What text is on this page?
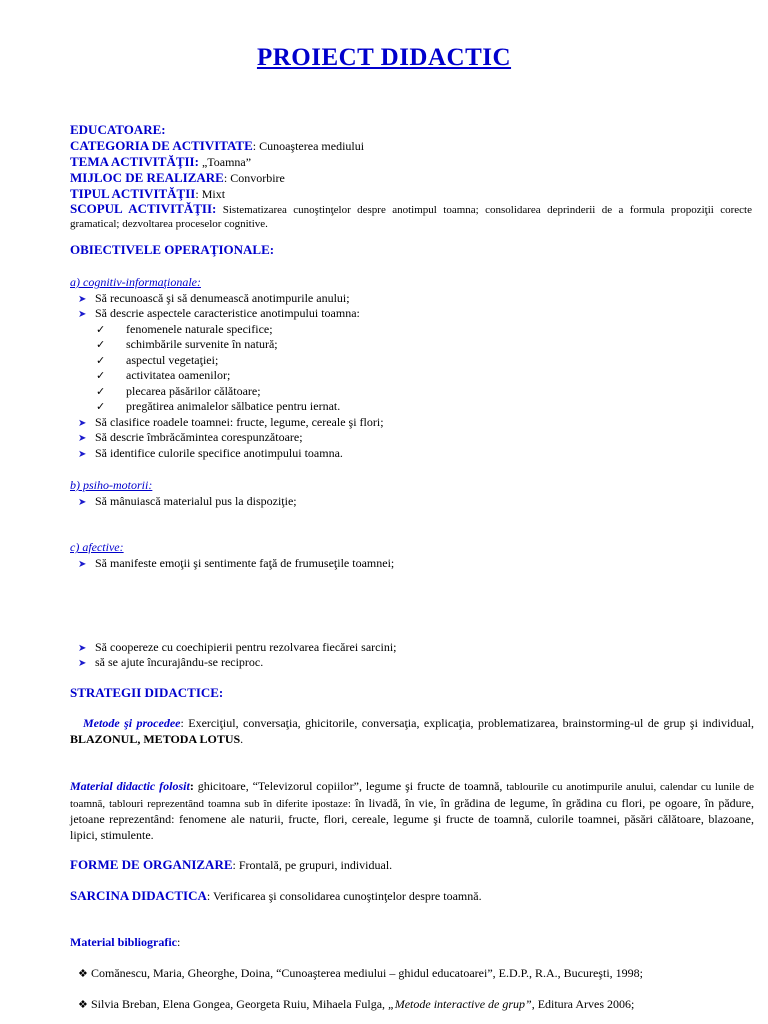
PROIECT DIDACTIC
EDUCATOARE:
CATEGORIA DE ACTIVITATE: Cunoaşterea mediului
TEMA ACTIVITĂŢII: „Toamna”
MIJLOC DE REALIZARE: Convorbire
TIPUL ACTIVITĂŢII: Mixt
SCOPUL ACTIVITĂŢII: Sistematizarea cunoştinţelor despre anotimpul toamna; consolidarea deprinderii de a formula propoziţii corecte gramatical; dezvoltarea proceselor cognitive.
OBIECTIVELE OPERAŢIONALE:
a) cognitiv-informaţionale:
➤ Să recunoască şi să denumească anotimpurile anului;
➤ Să descrie aspectele caracteristice anotimpului toamna:
✓ fenomenele naturale specifice;
✓ schimbările survenite în natură;
✓ aspectul vegetaţiei;
✓ activitatea oamenilor;
✓ plecarea păsărilor călătoare;
✓ pregătirea animalelor sălbatice pentru iernat.
➤ Să clasifice roadele toamnei: fructe, legume, cereale şi flori;
➤ Să descrie îmbrăcămintea corespunzătoare;
➤ Să identifice culorile specifice anotimpului toamna.
b) psiho-motorii:
➤ Să mânuiască materialul pus la dispoziţie;
c) afective:
➤ Să manifeste emoţii şi sentimente faţă de frumuseţile toamnei;
➤ Să coopereze cu coechipierii pentru rezolvarea fiecărei sarcini;
➤ să se ajute încurajându-se reciproc.
STRATEGII DIDACTICE:
Metode şi procedee: Exerciţiul, conversaţia, ghicitorile, conversaţia, explicaţia, problematizarea, brainstorming-ul de grup şi individual, BLAZONUL, METODA LOTUS.
Material didactic folosit: ghicitoare, “Televizorul copiilor”, legume şi fructe de toamnă, tablourile cu anotimpurile anului, calendar cu lunile de toamnă, tablouri reprezentând toamna sub în diferite ipostaze: în livadă, în vie, în grădina de legume, în grădina cu flori, pe ogoare, în pădure, jetoane reprezentând: fenomene ale naturii, fructe, flori, cereale, legume şi fructe de toamnă, culorile toamnei, păsări călătoare, blazoane, lipici, stimulente.
FORME DE ORGANIZARE: Frontală, pe grupuri, individual.
SARCINA DIDACTICA: Verificarea şi consolidarea cunoştinţelor despre toamnă.
Material bibliografic:
❖ Comănescu, Maria, Gheorghe, Doina, “Cunoaşterea mediului – ghidul educatoarei”, E.D.P., R.A., Bucureşti, 1998;
❖ Silvia Breban, Elena Gongea, Georgeta Ruiu, Mihaela Fulga, „Metode interactive de grup”, Editura Arves 2006;
